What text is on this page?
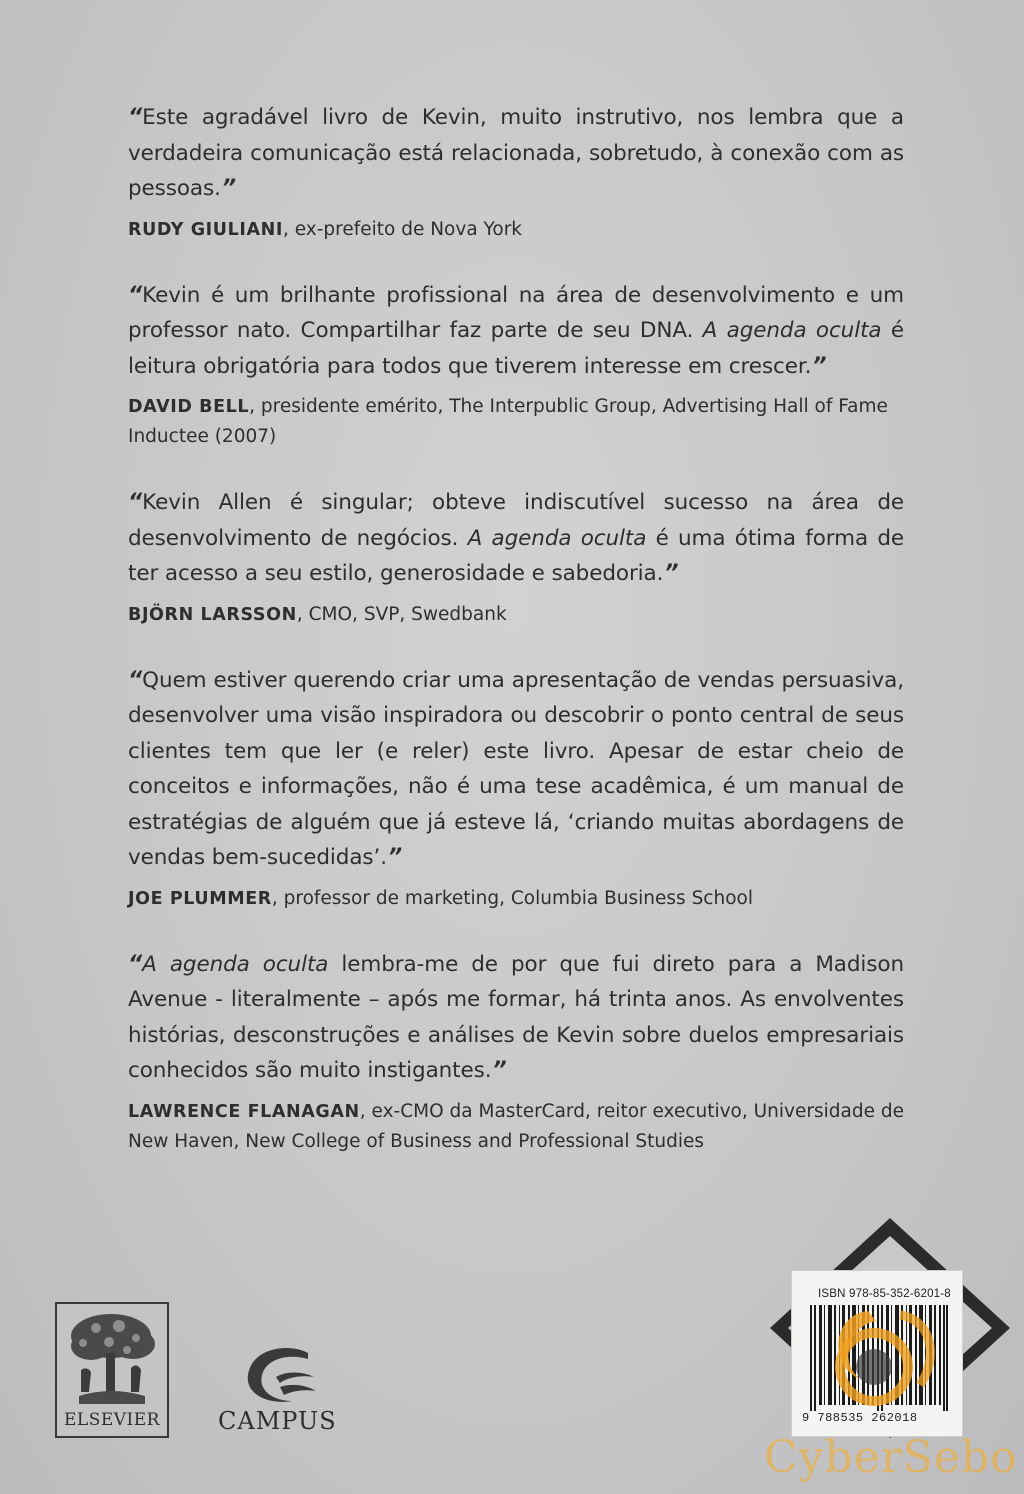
“Este agradável livro de Kevin, muito instrutivo, nos lembra que a verdadeira comunicação está relacionada, sobretudo, à conexão com as pessoas.”

RUDY GIULIANI, ex-prefeito de Nova York

“Kevin é um brilhante profissional na área de desenvolvimento e um professor nato. Compartilhar faz parte de seu DNA. A agenda oculta é leitura obrigatória para todos que tiverem interesse em crescer.”

DAVID BELL, presidente emérito, The Interpublic Group, Advertising Hall of Fame Inductee (2007)

“Kevin Allen é singular; obteve indiscutível sucesso na área de desenvolvimento de negócios. A agenda oculta é uma ótima forma de ter acesso a seu estilo, generosidade e sabedoria.”

BJÖRN LARSSON, CMO, SVP, Swedbank

“Quem estiver querendo criar uma apresentação de vendas persuasiva, desenvolver uma visão inspiradora ou descobrir o ponto central de seus clientes tem que ler (e reler) este livro. Apesar de estar cheio de conceitos e informações, não é uma tese acadêmica, é um manual de estratégias de alguém que já esteve lá, ‘criando muitas abordagens de vendas bem-sucedidas’.”

JOE PLUMMER, professor de marketing, Columbia Business School

“A agenda oculta lembra-me de por que fui direto para a Madison Avenue - literalmente – após me formar, há trinta anos. As envolventes histórias, desconstruções e análises de Kevin sobre duelos empresariais conhecidos são muito instigantes.”

LAWRENCE FLANAGAN, ex-CMO da MasterCard, reitor executivo, Universidade de New Haven, New College of Business and Professional Studies
ELSEVIER CAMPUS
ISBN 978-85-352-6201-8
9 788535 262018
CyberSebo
